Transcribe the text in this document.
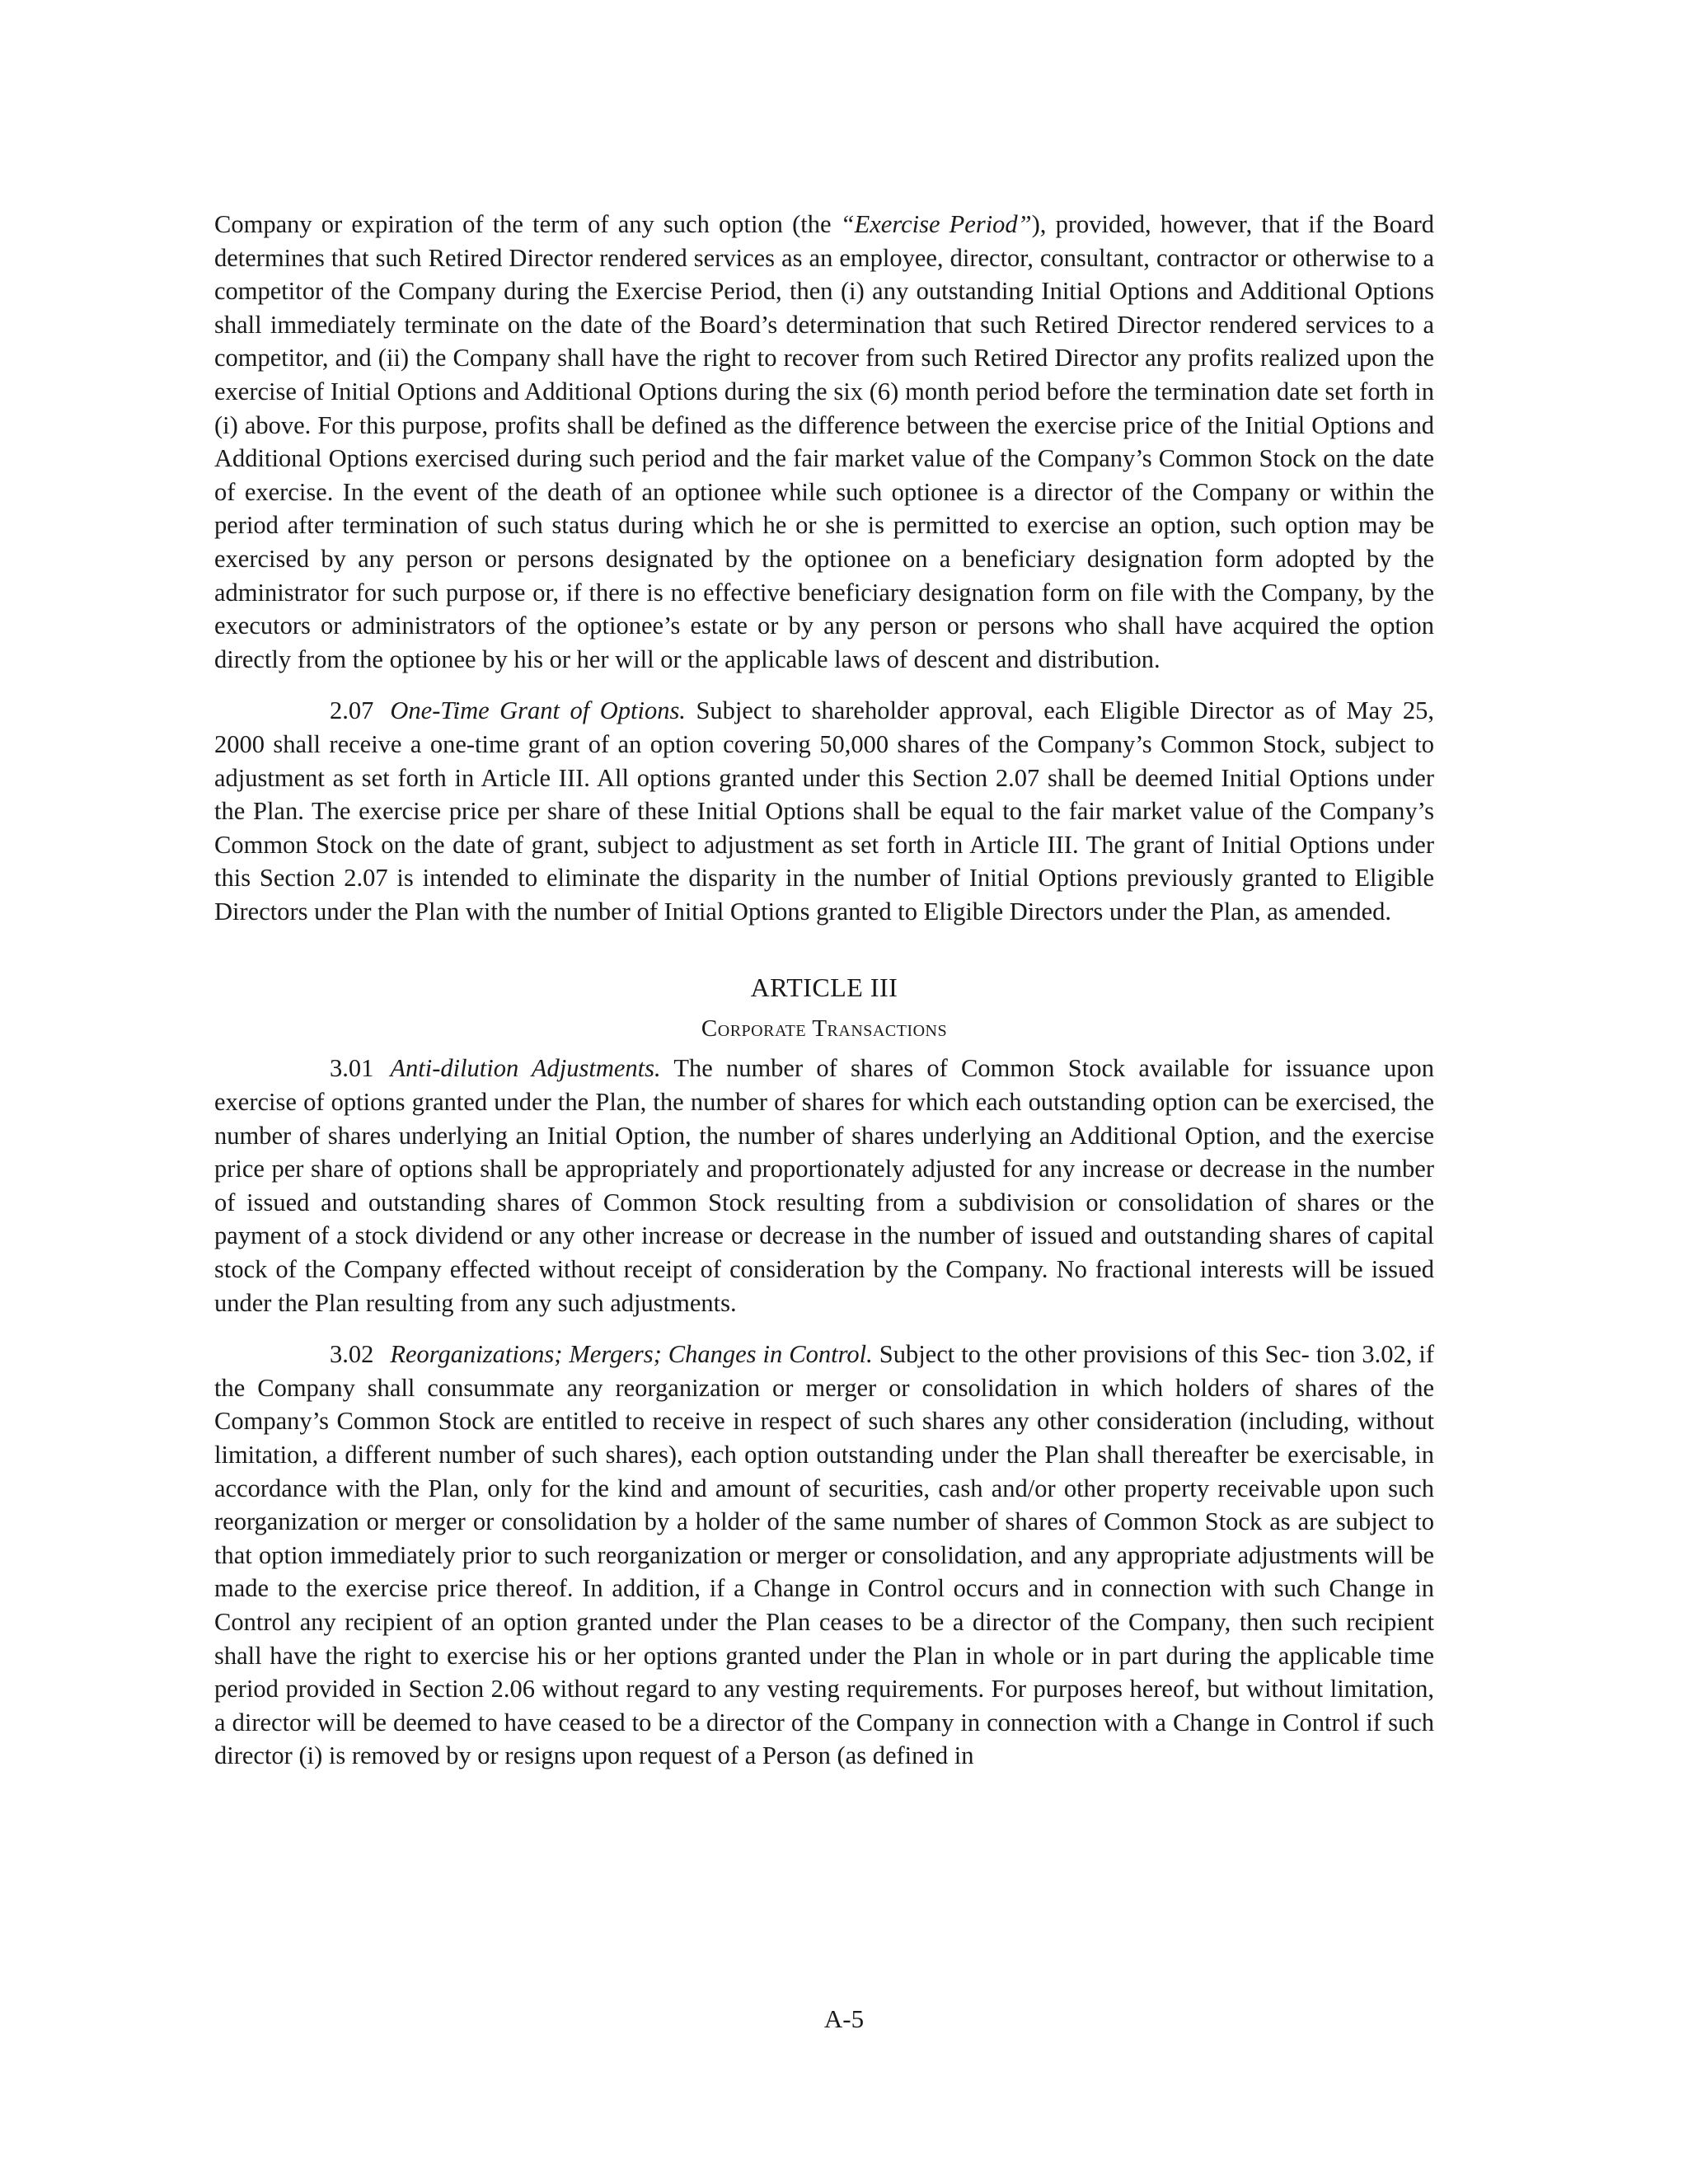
Company or expiration of the term of any such option (the “Exercise Period”), provided, however, that if the Board determines that such Retired Director rendered services as an employee, director, consultant, contractor or otherwise to a competitor of the Company during the Exercise Period, then (i) any outstanding Initial Options and Additional Options shall immediately terminate on the date of the Board’s determination that such Retired Director rendered services to a competitor, and (ii) the Company shall have the right to recover from such Retired Director any profits realized upon the exercise of Initial Options and Additional Options during the six (6) month period before the termination date set forth in (i) above. For this purpose, profits shall be defined as the difference between the exercise price of the Initial Options and Additional Options exercised during such period and the fair market value of the Company’s Common Stock on the date of exercise. In the event of the death of an optionee while such optionee is a director of the Company or within the period after termination of such status during which he or she is permitted to exercise an option, such option may be exercised by any person or persons designated by the optionee on a beneficiary designation form adopted by the administrator for such purpose or, if there is no effective beneficiary designation form on file with the Company, by the executors or administrators of the optionee’s estate or by any person or persons who shall have acquired the option directly from the optionee by his or her will or the applicable laws of descent and distribution.

2.07 One-Time Grant of Options. Subject to shareholder approval, each Eligible Director as of May 25, 2000 shall receive a one-time grant of an option covering 50,000 shares of the Company’s Common Stock, subject to adjustment as set forth in Article III. All options granted under this Section 2.07 shall be deemed Initial Options under the Plan. The exercise price per share of these Initial Options shall be equal to the fair market value of the Company’s Common Stock on the date of grant, subject to adjustment as set forth in Article III. The grant of Initial Options under this Section 2.07 is intended to eliminate the disparity in the number of Initial Options previously granted to Eligible Directors under the Plan with the number of Initial Options granted to Eligible Directors under the Plan, as amended.

ARTICLE III
Corporate Transactions

3.01 Anti-dilution Adjustments. The number of shares of Common Stock available for issuance upon exercise of options granted under the Plan, the number of shares for which each outstanding option can be exercised, the number of shares underlying an Initial Option, the number of shares underlying an Additional Option, and the exercise price per share of options shall be appropriately and proportionately adjusted for any increase or decrease in the number of issued and outstanding shares of Common Stock resulting from a subdivision or consolidation of shares or the payment of a stock dividend or any other increase or decrease in the number of issued and outstanding shares of capital stock of the Company effected without receipt of consideration by the Company. No fractional interests will be issued under the Plan resulting from any such adjustments.

3.02 Reorganizations; Mergers; Changes in Control. Subject to the other provisions of this Sec- tion 3.02, if the Company shall consummate any reorganization or merger or consolidation in which holders of shares of the Company’s Common Stock are entitled to receive in respect of such shares any other consideration (including, without limitation, a different number of such shares), each option outstanding under the Plan shall thereafter be exercisable, in accordance with the Plan, only for the kind and amount of securities, cash and/or other property receivable upon such reorganization or merger or consolidation by a holder of the same number of shares of Common Stock as are subject to that option immediately prior to such reorganization or merger or consolidation, and any appropriate adjustments will be made to the exercise price thereof. In addition, if a Change in Control occurs and in connection with such Change in Control any recipient of an option granted under the Plan ceases to be a director of the Company, then such recipient shall have the right to exercise his or her options granted under the Plan in whole or in part during the applicable time period provided in Section 2.06 without regard to any vesting requirements. For purposes hereof, but without limitation, a director will be deemed to have ceased to be a director of the Company in connection with a Change in Control if such director (i) is removed by or resigns upon request of a Person (as defined in

A-5
